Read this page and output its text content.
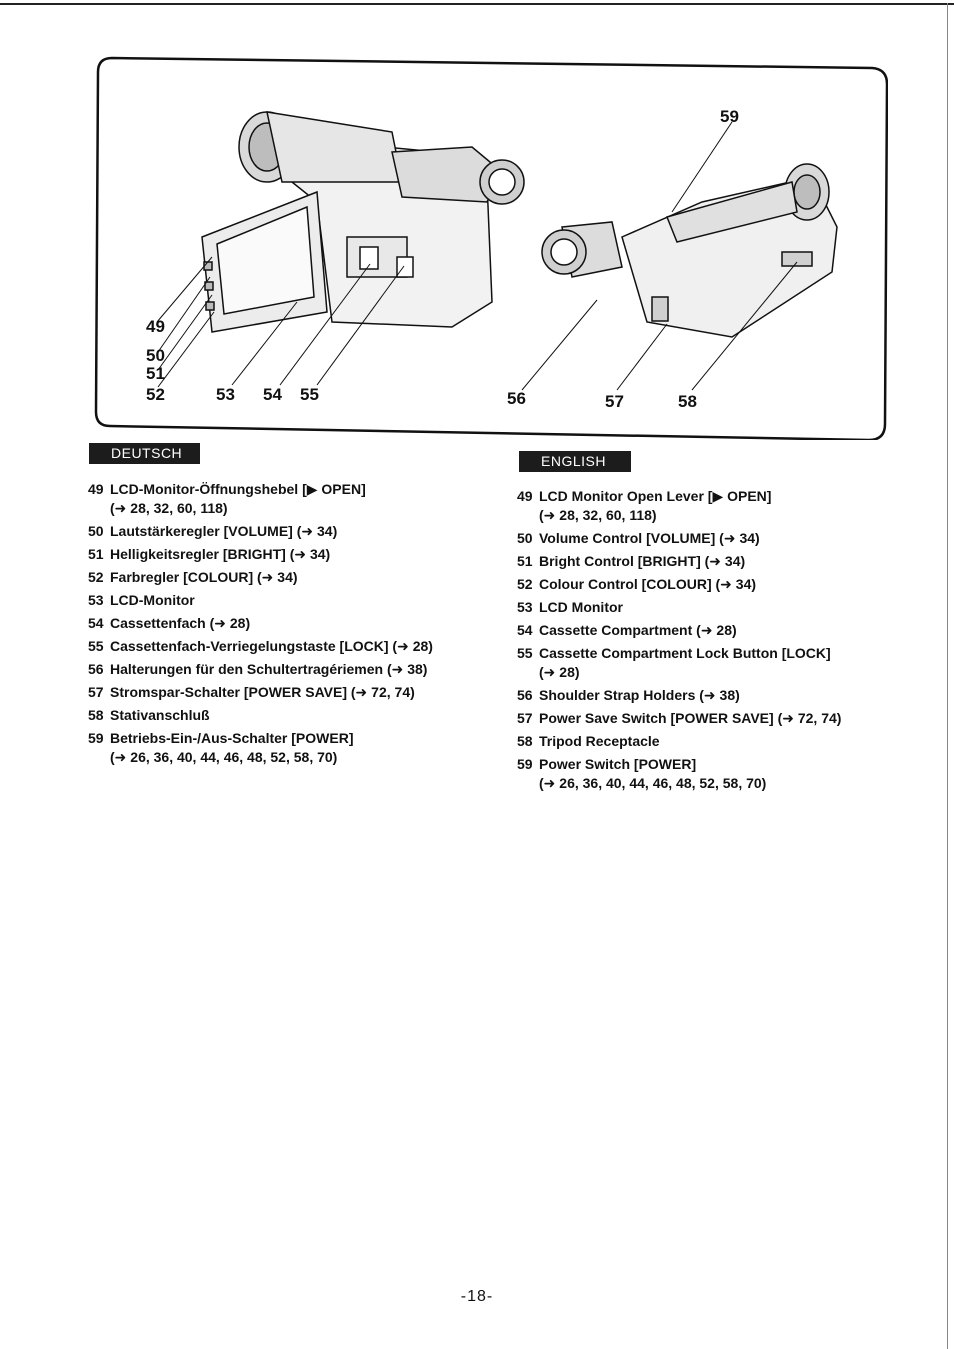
49
50
51
52	53 54 55	56	57	58
59
DEUTSCH
49 LCD-Monitor-Öffnungshebel [▶ OPEN]
(➜ 28, 32, 60, 118)
50 Lautstärkeregler [VOLUME] (➜ 34)
51 Helligkeitsregler [BRIGHT] (➜ 34)
52 Farbregler [COLOUR] (➜ 34)
53 LCD-Monitor
54 Cassettenfach (➜ 28)
55 Cassettenfach-Verriegelungstaste [LOCK] (➜ 28)
56 Halterungen für den Schultertragériemen (➜ 38)
57 Stromspar-Schalter [POWER SAVE] (➜ 72, 74)
58 Stativanschluß
59 Betriebs-Ein-/Aus-Schalter [POWER]
(➜ 26, 36, 40, 44, 46, 48, 52, 58, 70)
ENGLISH
49 LCD Monitor Open Lever [▶ OPEN]
(➜ 28, 32, 60, 118)
50 Volume Control [VOLUME] (➜ 34)
51 Bright Control [BRIGHT] (➜ 34)
52 Colour Control [COLOUR] (➜ 34)
53 LCD Monitor
54 Cassette Compartment (➜ 28)
55 Cassette Compartment Lock Button [LOCK]
(➜ 28)
56 Shoulder Strap Holders (➜ 38)
57 Power Save Switch [POWER SAVE] (➜ 72, 74)
58 Tripod Receptacle
59 Power Switch [POWER]
(➜ 26, 36, 40, 44, 46, 48, 52, 58, 70)
-18-
